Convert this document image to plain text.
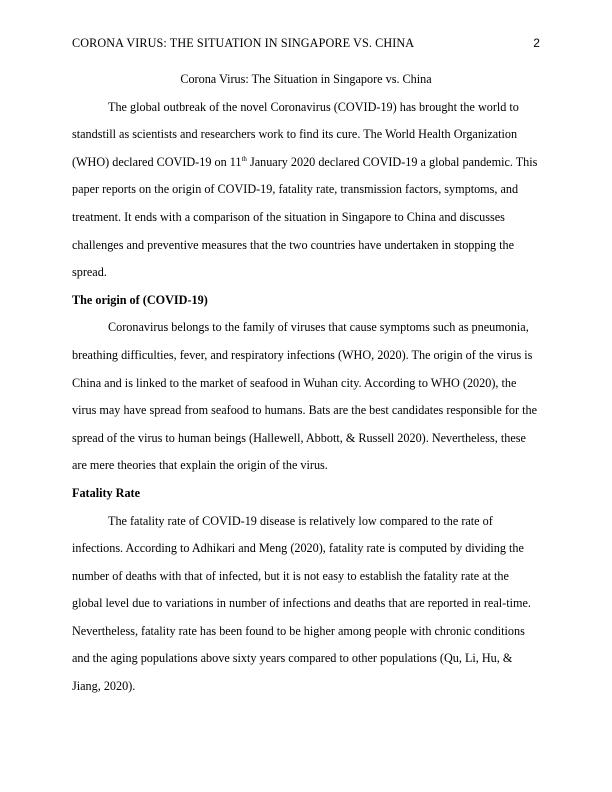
CORONA VIRUS: THE SITUATION IN SINGAPORE VS. CHINA	2

Corona Virus: The Situation in Singapore vs. China

The global outbreak of the novel Coronavirus (COVID-19) has brought the world to standstill as scientists and researchers work to find its cure. The World Health Organization (WHO) declared COVID-19 on 11th January 2020 declared COVID-19 a global pandemic. This paper reports on the origin of COVID-19, fatality rate, transmission factors, symptoms, and treatment. It ends with a comparison of the situation in Singapore to China and discusses challenges and preventive measures that the two countries have undertaken in stopping the spread.

The origin of (COVID-19)

Coronavirus belongs to the family of viruses that cause symptoms such as pneumonia, breathing difficulties, fever, and respiratory infections (WHO, 2020). The origin of the virus is China and is linked to the market of seafood in Wuhan city. According to WHO (2020), the virus may have spread from seafood to humans. Bats are the best candidates responsible for the spread of the virus to human beings (Hallewell, Abbott, & Russell 2020). Nevertheless, these are mere theories that explain the origin of the virus.

Fatality Rate

The fatality rate of COVID-19 disease is relatively low compared to the rate of infections. According to Adhikari and Meng (2020), fatality rate is computed by dividing the number of deaths with that of infected, but it is not easy to establish the fatality rate at the global level due to variations in number of infections and deaths that are reported in real-time. Nevertheless, fatality rate has been found to be higher among people with chronic conditions and the aging populations above sixty years compared to other populations (Qu, Li, Hu, & Jiang, 2020).
